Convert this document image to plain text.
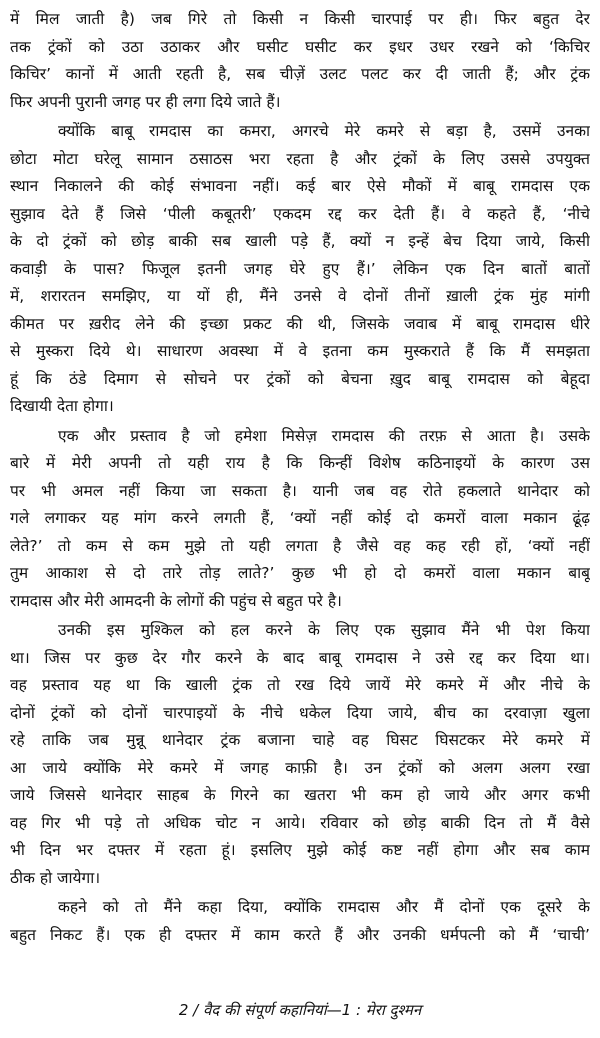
में मिल जाती है) जब गिरे तो किसी न किसी चारपाई पर ही। फिर बहुत देर
तक ट्रंकों को उठा उठाकर और घसीट घसीट कर इधर उधर रखने को ‘किचिर
किचिर’ कानों में आती रहती है, सब चीज़ें उलट पलट कर दी जाती हैं; और ट्रंक
फिर अपनी पुरानी जगह पर ही लगा दिये जाते हैं।
क्योंकि बाबू रामदास का कमरा, अगरचे मेरे कमरे से बड़ा है, उसमें उनका
छोटा मोटा घरेलू सामान ठसाठस भरा रहता है और ट्रंकों के लिए उससे उपयुक्त
स्थान निकालने की कोई संभावना नहीं। कई बार ऐसे मौकों में बाबू रामदास एक
सुझाव देते हैं जिसे ‘पीली कबूतरी’ एकदम रद्द कर देती हैं। वे कहते हैं, ‘नीचे
के दो ट्रंकों को छोड़ बाकी सब खाली पड़े हैं, क्यों न इन्हें बेच दिया जाये, किसी
कवाड़ी के पास? फिजूल इतनी जगह घेरे हुए हैं।’ लेकिन एक दिन बातों बातों
में, शरारतन समझिए, या यों ही, मैंने उनसे वे दोनों तीनों ख़ाली ट्रंक मुंह मांगी
कीमत पर ख़रीद लेने की इच्छा प्रकट की थी, जिसके जवाब में बाबू रामदास धीरे
से मुस्करा दिये थे। साधारण अवस्था में वे इतना कम मुस्कराते हैं कि मैं समझता
हूं कि ठंडे दिमाग से सोचने पर ट्रंकों को बेचना ख़ुद बाबू रामदास को बेहूदा
दिखायी देता होगा।
एक और प्रस्ताव है जो हमेशा मिसेज़ रामदास की तरफ़ से आता है। उसके
बारे में मेरी अपनी तो यही राय है कि किन्हीं विशेष कठिनाइयों के कारण उस
पर भी अमल नहीं किया जा सकता है। यानी जब वह रोते हकलाते थानेदार को
गले लगाकर यह मांग करने लगती हैं, ‘क्यों नहीं कोई दो कमरों वाला मकान ढूंढ़
लेते?’ तो कम से कम मुझे तो यही लगता है जैसे वह कह रही हों, ‘क्यों नहीं
तुम आकाश से दो तारे तोड़ लाते?’ कुछ भी हो दो कमरों वाला मकान बाबू
रामदास और मेरी आमदनी के लोगों की पहुंच से बहुत परे है।
उनकी इस मुश्किल को हल करने के लिए एक सुझाव मैंने भी पेश किया
था। जिस पर कुछ देर गौर करने के बाद बाबू रामदास ने उसे रद्द कर दिया था।
वह प्रस्ताव यह था कि खाली ट्रंक तो रख दिये जायें मेरे कमरे में और नीचे के
दोनों ट्रंकों को दोनों चारपाइयों के नीचे धकेल दिया जाये, बीच का दरवाज़ा खुला
रहे ताकि जब मुन्नू थानेदार ट्रंक बजाना चाहे वह घिसट घिसटकर मेरे कमरे में
आ जाये क्योंकि मेरे कमरे में जगह काफ़ी है। उन ट्रंकों को अलग अलग रखा
जाये जिससे थानेदार साहब के गिरने का खतरा भी कम हो जाये और अगर कभी
वह गिर भी पड़े तो अधिक चोट न आये। रविवार को छोड़ बाकी दिन तो मैं वैसे
भी दिन भर दफ्तर में रहता हूं। इसलिए मुझे कोई कष्ट नहीं होगा और सब काम
ठीक हो जायेगा।
कहने को तो मैंने कहा दिया, क्योंकि रामदास और मैं दोनों एक दूसरे के
बहुत निकट हैं। एक ही दफ्तर में काम करते हैं और उनकी धर्मपत्नी को मैं ‘चाची’
2 / वैद की संपूर्ण कहानियां—1 : मेरा दुश्मन
